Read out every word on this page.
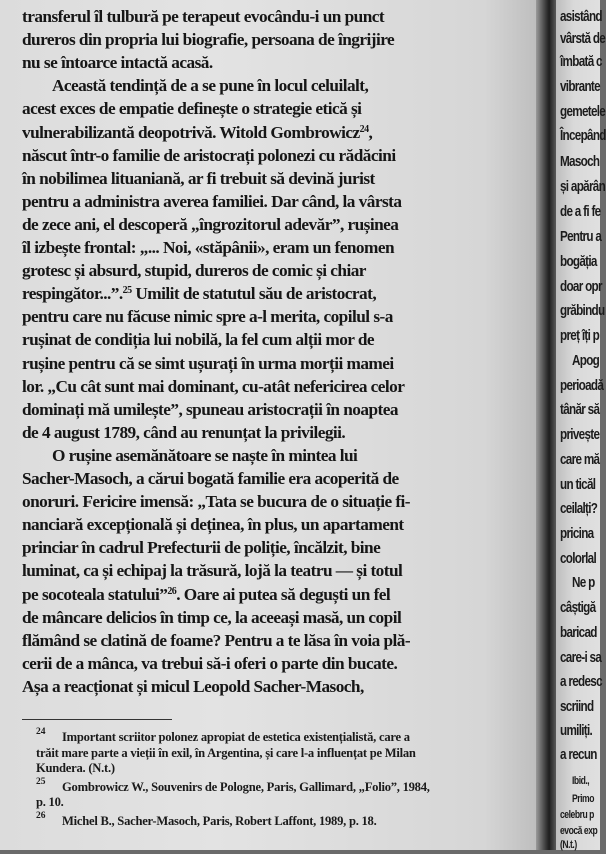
transferul îl tulbură pe terapeut evocându-i un punct
dureros din propria lui biografie, persoana de îngrijire
nu se întoarce intactă acasă.
Această tendință de a se pune în locul celuilalt,
acest exces de empatie definește o strategie etică și
vulnerabilizantă deopotrivă. Witold Gombrowicz$^{24}$,
născut într-o familie de aristocrați polonezi cu rădăcini
în nobilimea lituaniană, ar fi trebuit să devină jurist
pentru a administra averea familiei. Dar când, la vârsta
de zece ani, el descoperă „îngrozitorul adevăr”, rușinea
îl izbește frontal: „... Noi, «stăpânii», eram un fenomen
grotesc și absurd, stupid, dureros de comic și chiar
respingător...”.$^{25}$ Umilit de statutul său de aristocrat,
pentru care nu făcuse nimic spre a-l merita, copilul s-a
rușinat de condiția lui nobilă, la fel cum alții mor de
rușine pentru că se simt ușurați în urma morții mamei
lor. „Cu cât sunt mai dominant, cu-atât nefericirea celor
dominați mă umilește”, spuneau aristocrații în noaptea
de 4 august 1789, când au renunțat la privilegii.
O rușine asemănătoare se naște în mintea lui
Sacher-Masoch, a cărui bogată familie era acoperită de
onoruri. Fericire imensă: „Tata se bucura de o situație fi-
nanciară excepțională și deținea, în plus, un apartament
princiar în cadrul Prefecturii de poliție, încălzit, bine
luminat, ca și echipaj la trăsură, lojă la teatru — și totul
pe socoteala statului”$^{26}$. Oare ai putea să deguști un fel
de mâncare delicios în timp ce, la aceeași masă, un copil
flămând se clatină de foame? Pentru a te lăsa în voia plă-
cerii de a mânca, va trebui să-i oferi o parte din bucate.
Așa a reacționat și micul Leopold Sacher-Masoch,
24 Important scriitor polonez apropiat de estetica existențialistă, care a
trăit mare parte a vieții în exil, în Argentina, și care l-a influențat pe Milan
Kundera. (N.t.)
25 Gombrowicz W., Souvenirs de Pologne, Paris, Gallimard, „Folio”, 1984,
p. 10.
26 Michel B., Sacher-Masoch, Paris, Robert Laffont, 1989, p. 18.
asistând
vârstă de
îmbată c
vibrante
gemetele
Începând
Masoch
și apărân
de a fi fe
Pentru a
bogăția
doar opr
grăbindu
preț îți p
Apog
perioadă
tânăr să
privește
care mă
un ticăl
ceilalți?
pricina
colorlal
Ne p
câștigă
baricad
care-i sa
a redesc
scriind
umiliți.
a recun
Ibid.,
Primo
celebru p
evocă exp
(N.t.)
